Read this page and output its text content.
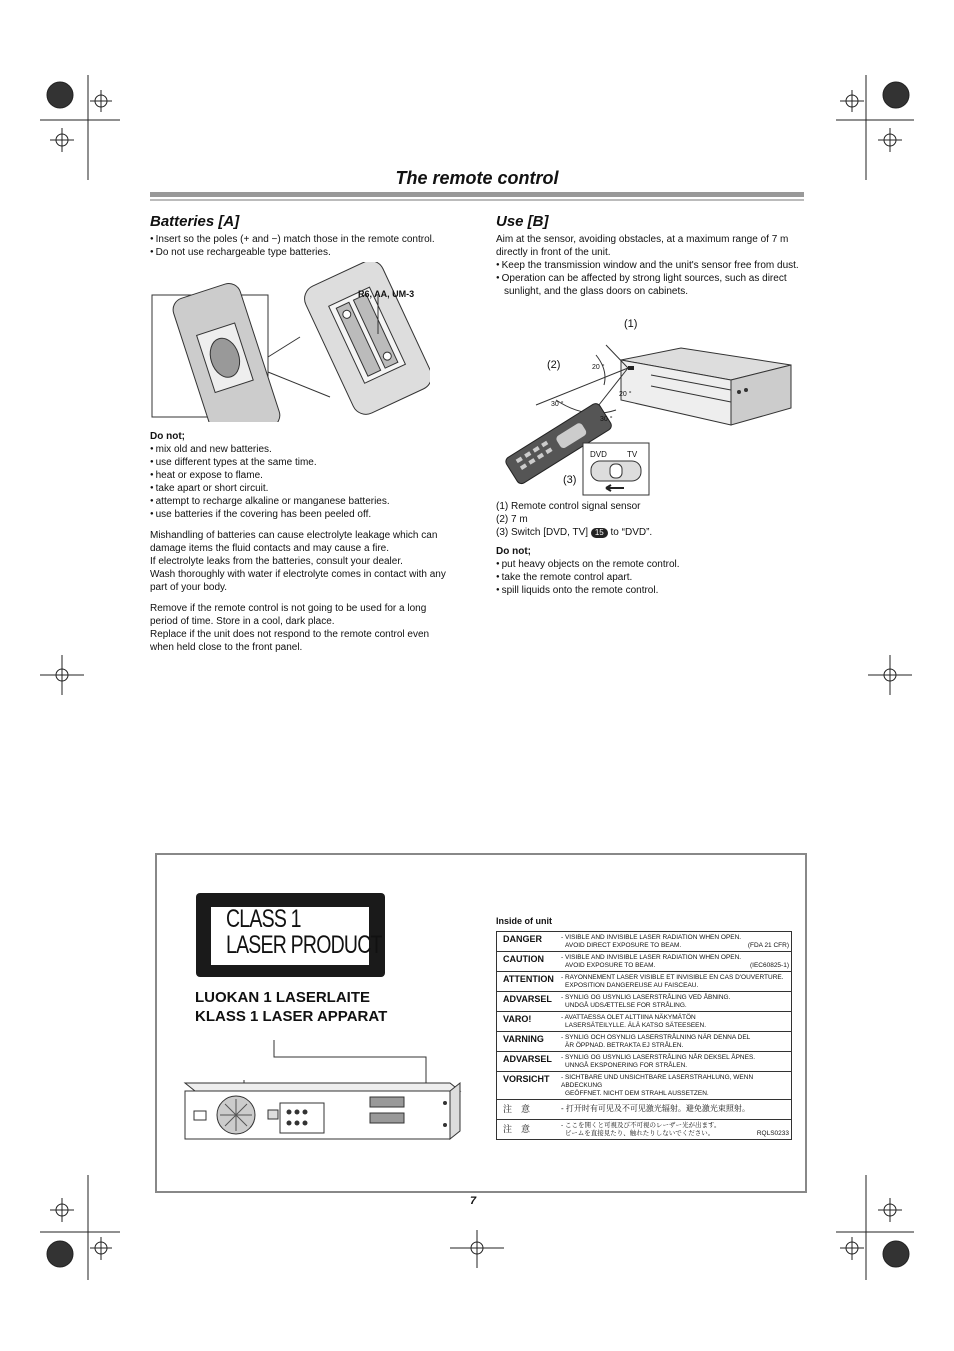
The remote control
Batteries [A]

● Insert so the poles (+ and −) match those in the remote control.

● Do not use rechargeable type batteries.

R6, AA, UM-3

Do not;

● mix old and new batteries.

● use different types at the same time.

● heat or expose to flame.

● take apart or short circuit.

● attempt to recharge alkaline or manganese batteries.

● use batteries if the covering has been peeled off.

Mishandling of batteries can cause electrolyte leakage which can

damage items the fluid contacts and may cause a fire.

If electrolyte leaks from the batteries, consult your dealer.

Wash thoroughly with water if electrolyte comes in contact with any

part of your body.

Remove if the remote control is not going to be used for a long

period of time. Store in a cool, dark place.

Replace if the unit does not respond to the remote control even

when held close to the front panel.

Use [B]

Aim at the sensor, avoiding obstacles, at a maximum range of 7 m

directly in front of the unit.

● Keep the transmission window and the unit's sensor free from dust.

● Operation can be affected by strong light sources, such as direct sunlight, and the glass doors on cabinets.

(1)
(2)
(3)
20 °
20 °
30 °
30 °
DVD	TV

(1) Remote control signal sensor

(2) 7 m

(3) Switch [DVD, TV] 15 to “DVD”.

Do not;

● put heavy objects on the remote control.

● take the remote control apart.

● spill liquids onto the remote control.

CLASS 1
LASER PRODUCT
LUOKAN 1 LASERLAITE
KLASS 1 LASER APPARAT
Inside of unit
DANGER	- VISIBLE AND INVISIBLE LASER RADIATION WHEN OPEN.
AVOID DIRECT EXPOSURE TO BEAM.	(FDA 21 CFR)
CAUTION	- VISIBLE AND INVISIBLE LASER RADIATION WHEN OPEN.
AVOID EXPOSURE TO BEAM.	(IEC60825-1)
ATTENTION	- RAYONNEMENT LASER VISIBLE ET INVISIBLE EN CAS D'OUVERTURE.
EXPOSITION DANGEREUSE AU FAISCEAU.
ADVARSEL	- SYNLIG OG USYNLIG LASERSTRÅLING VED ÅBNING.
UNDGÅ UDSÆTTELSE FOR STRÅLING.
VARO!	- AVATTAESSA OLET ALTTIINA NÄKYMÄTÖN
LASERSÄTEILYLLE. ÄLÄ KATSO SÄTEESEEN.
VARNING	- SYNLIG OCH OSYNLIG LASERSTRÅLNING NÄR DENNA DEL
ÄR ÖPPNAD. BETRAKTA EJ STRÅLEN.
ADVARSEL	- SYNLIG OG USYNLIG LASERSTRÅLING NÅR DEKSEL ÅPNES.
UNNGÅ EKSPONERING FOR STRÅLEN.
VORSICHT	- SICHTBARE UND UNSICHTBARE LASERSTRAHLUNG, WENN ABDECKUNG
GEÖFFNET. NICHT DEM STRAHL AUSSETZEN.
注　意	- 打开时有可见及不可见激光辐射。避免激光束照射。
注　意	- ここを開くと可視及び不可視のレーザー光が出ます。
ビームを直接見たり、触れたりしないでください。	RQLS0233
7
